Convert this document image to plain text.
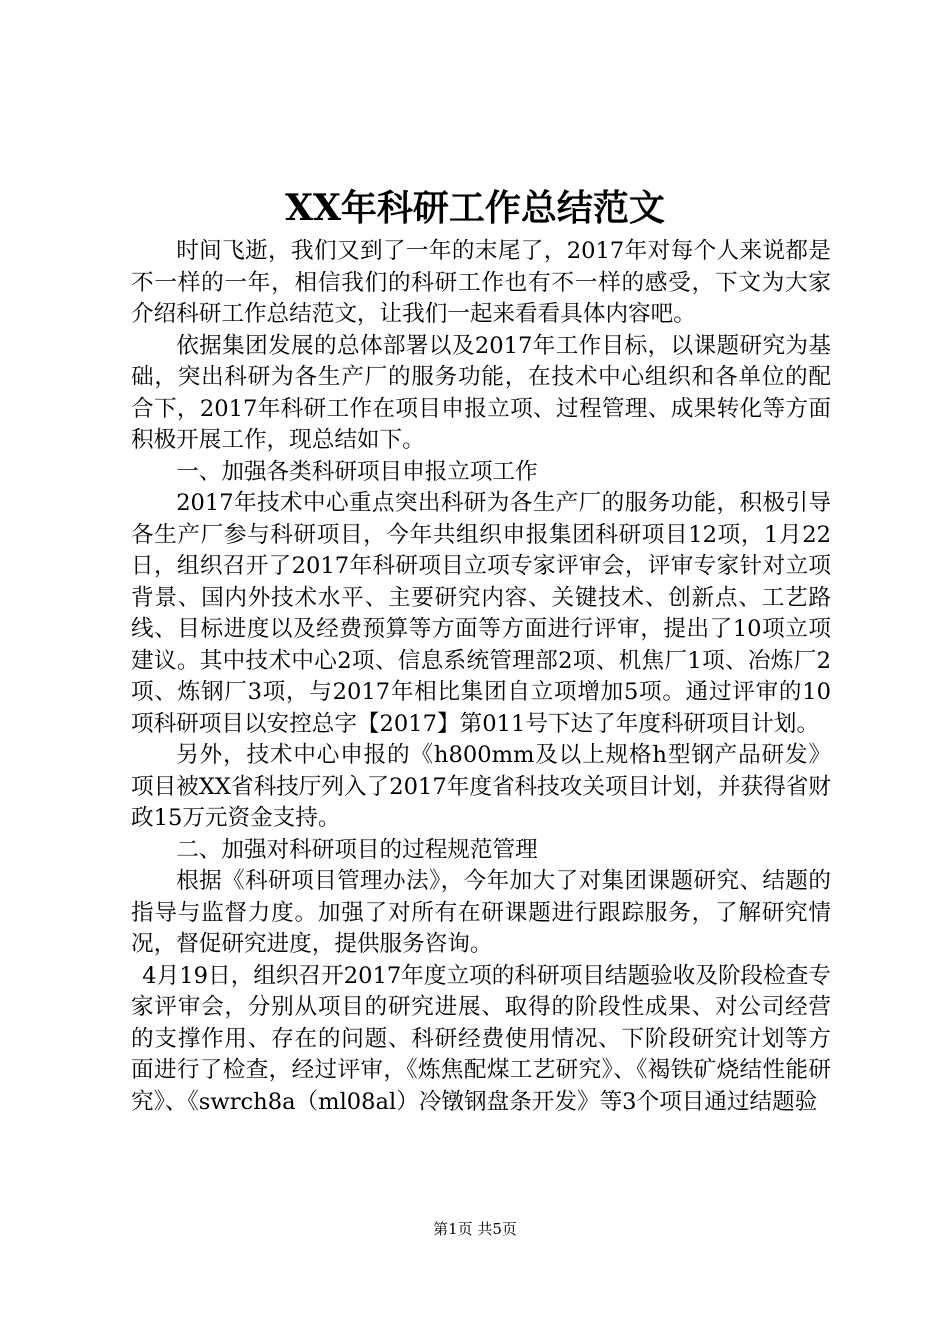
XX年科研工作总结范文

时间飞逝，我们又到了一年的末尾了，2017年对每个人来说都是不一样的一年，相信我们的科研工作也有不一样的感受，下文为大家介绍科研工作总结范文，让我们一起来看看具体内容吧。

依据集团发展的总体部署以及2017年工作目标，以课题研究为基础，突出科研为各生产厂的服务功能，在技术中心组织和各单位的配合下，2017年科研工作在项目申报立项、过程管理、成果转化等方面积极开展工作，现总结如下。

一、加强各类科研项目申报立项工作

2017年技术中心重点突出科研为各生产厂的服务功能，积极引导各生产厂参与科研项目，今年共组织申报集团科研项目12项，1月22日，组织召开了2017年科研项目立项专家评审会，评审专家针对立项背景、国内外技术水平、主要研究内容、关键技术、创新点、工艺路线、目标进度以及经费预算等方面等方面进行评审，提出了10项立项建议。其中技术中心2项、信息系统管理部2项、机焦厂1项、冶炼厂2项、炼钢厂3项，与2017年相比集团自立项增加5项。通过评审的10项科研项目以安控总字【2017】第011号下达了年度科研项目计划。

另外，技术中心申报的《h800mm及以上规格h型钢产品研发》项目被XX省科技厅列入了2017年度省科技攻关项目计划，并获得省财政15万元资金支持。

二、加强对科研项目的过程规范管理

根据《科研项目管理办法》，今年加大了对集团课题研究、结题的指导与监督力度。加强了对所有在研课题进行跟踪服务，了解研究情况，督促研究进度，提供服务咨询。

4月19日，组织召开2017年度立项的科研项目结题验收及阶段检查专家评审会，分别从项目的研究进展、取得的阶段性成果、对公司经营的支撑作用、存在的问题、科研经费使用情况、下阶段研究计划等方面进行了检查，经过评审，《炼焦配煤工艺研究》、《褐铁矿烧结性能研究》、《swrch8a（ml08al）冷镦钢盘条开发》等3个项目通过结题验

第1页 共5页
